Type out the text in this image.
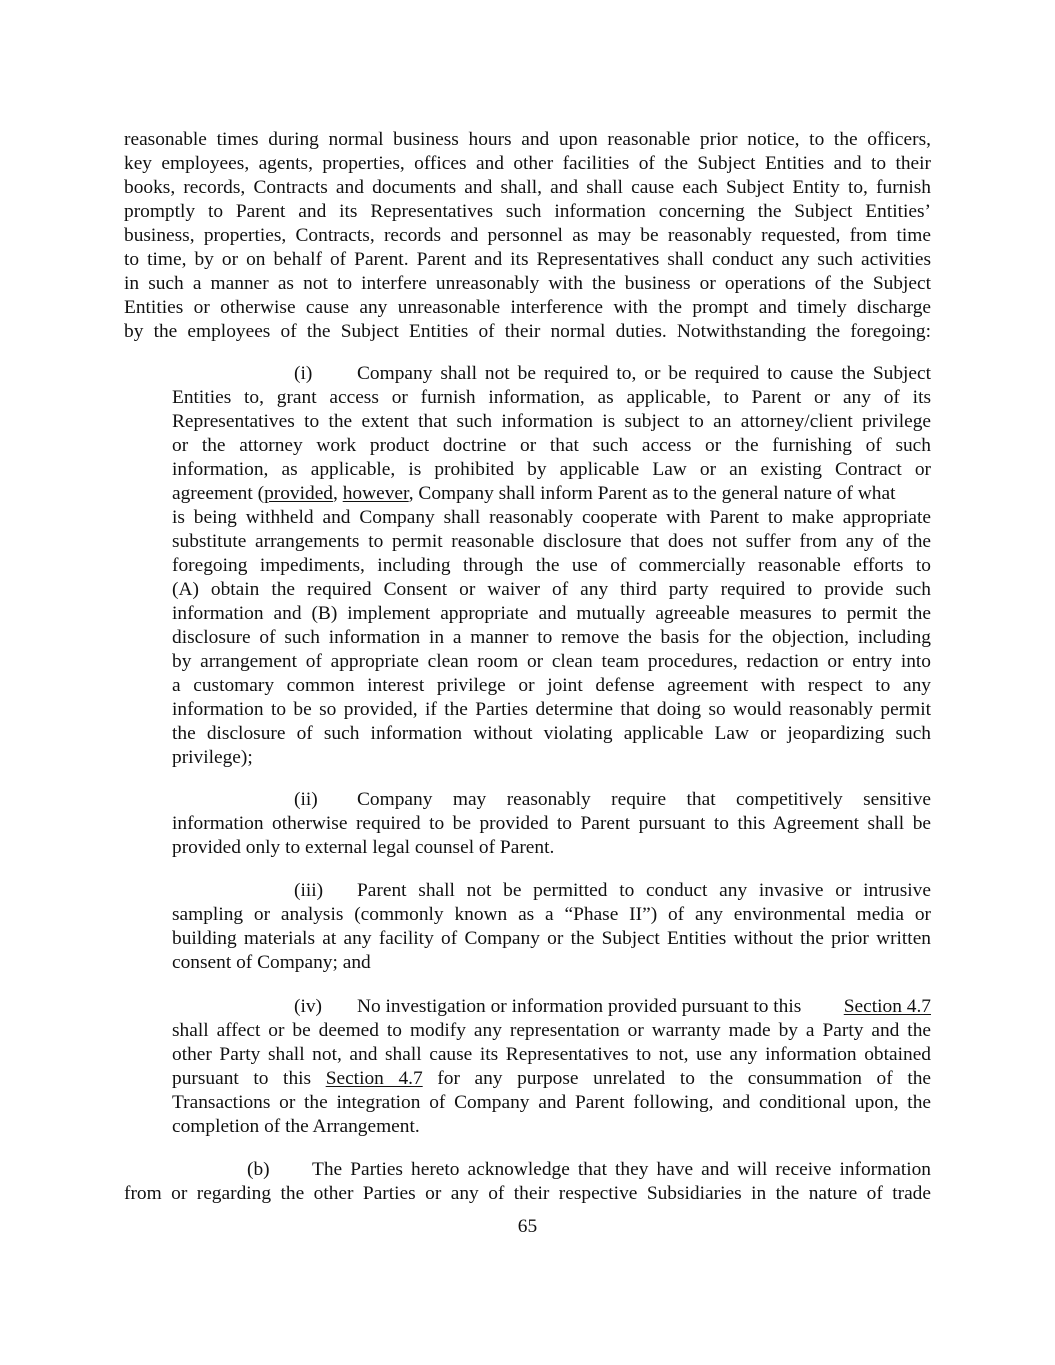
reasonable times during normal business hours and upon reasonable prior notice, to the officers,
key employees, agents, properties, offices and other facilities of the Subject Entities and to their
books, records, Contracts and documents and shall, and shall cause each Subject Entity to, furnish
promptly to Parent and its Representatives such information concerning the Subject Entities’
business, properties, Contracts, records and personnel as may be reasonably requested, from time
to time, by or on behalf of Parent. Parent and its Representatives shall conduct any such activities
in such a manner as not to interfere unreasonably with the business or operations of the Subject
Entities or otherwise cause any unreasonable interference with the prompt and timely discharge
by the employees of the Subject Entities of their normal duties. Notwithstanding the foregoing:
(i) Company shall not be required to, or be required to cause the Subject
Entities to, grant access or furnish information, as applicable, to Parent or any of its
Representatives to the extent that such information is subject to an attorney/client privilege
or the attorney work product doctrine or that such access or the furnishing of such
information, as applicable, is prohibited by applicable Law or an existing Contract or
agreement (provided, however, Company shall inform Parent as to the general nature of what
is being withheld and Company shall reasonably cooperate with Parent to make appropriate
substitute arrangements to permit reasonable disclosure that does not suffer from any of the
foregoing impediments, including through the use of commercially reasonable efforts to
(A) obtain the required Consent or waiver of any third party required to provide such
information and (B) implement appropriate and mutually agreeable measures to permit the
disclosure of such information in a manner to remove the basis for the objection, including
by arrangement of appropriate clean room or clean team procedures, redaction or entry into
a customary common interest privilege or joint defense agreement with respect to any
information to be so provided, if the Parties determine that doing so would reasonably permit
the disclosure of such information without violating applicable Law or jeopardizing such
privilege);
(ii) Company may reasonably require that competitively sensitive
information otherwise required to be provided to Parent pursuant to this Agreement shall be
provided only to external legal counsel of Parent.
(iii) Parent shall not be permitted to conduct any invasive or intrusive
sampling or analysis (commonly known as a “Phase II”) of any environmental media or
building materials at any facility of Company or the Subject Entities without the prior written
consent of Company; and
(iv) No investigation or information provided pursuant to this Section 4.7
shall affect or be deemed to modify any representation or warranty made by a Party and the
other Party shall not, and shall cause its Representatives to not, use any information obtained
pursuant to this Section 4.7 for any purpose unrelated to the consummation of the
Transactions or the integration of Company and Parent following, and conditional upon, the
completion of the Arrangement.
(b) The Parties hereto acknowledge that they have and will receive information
from or regarding the other Parties or any of their respective Subsidiaries in the nature of trade
65
